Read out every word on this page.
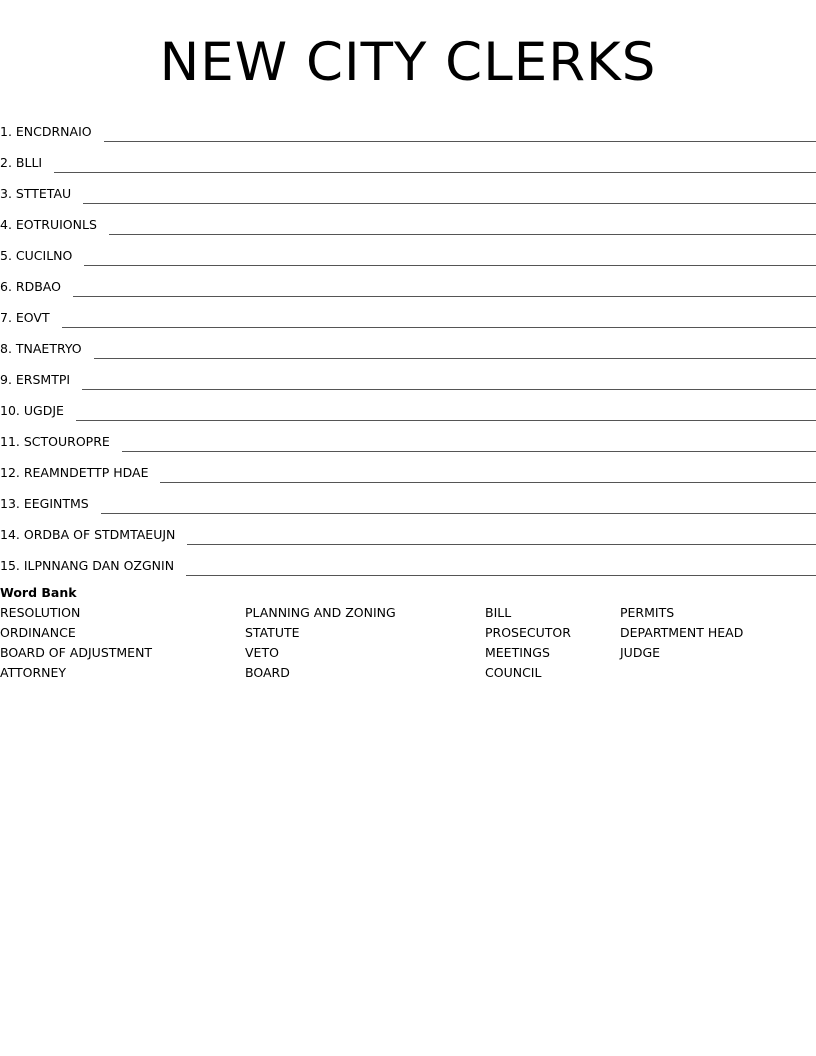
NEW CITY CLERKS
1. ENCDRNAIO
2. BLLI
3. STTETAU
4. EOTRUIONLS
5. CUCILNO
6. RDBAO
7. EOVT
8. TNAETRYO
9. ERSMTPI
10. UGDJE
11. SCTOUROPRE
12. REAMNDETTP HDAE
13. EEGINTMS
14. ORDBA OF STDMTAEUJN
15. ILPNNANG DAN OZGNIN
Word Bank
RESOLUTION
ORDINANCE
BOARD OF ADJUSTMENT
ATTORNEY
PLANNING AND ZONING
STATUTE
VETO
BOARD
BILL
PROSECUTOR
MEETINGS
COUNCIL
PERMITS
DEPARTMENT HEAD
JUDGE
